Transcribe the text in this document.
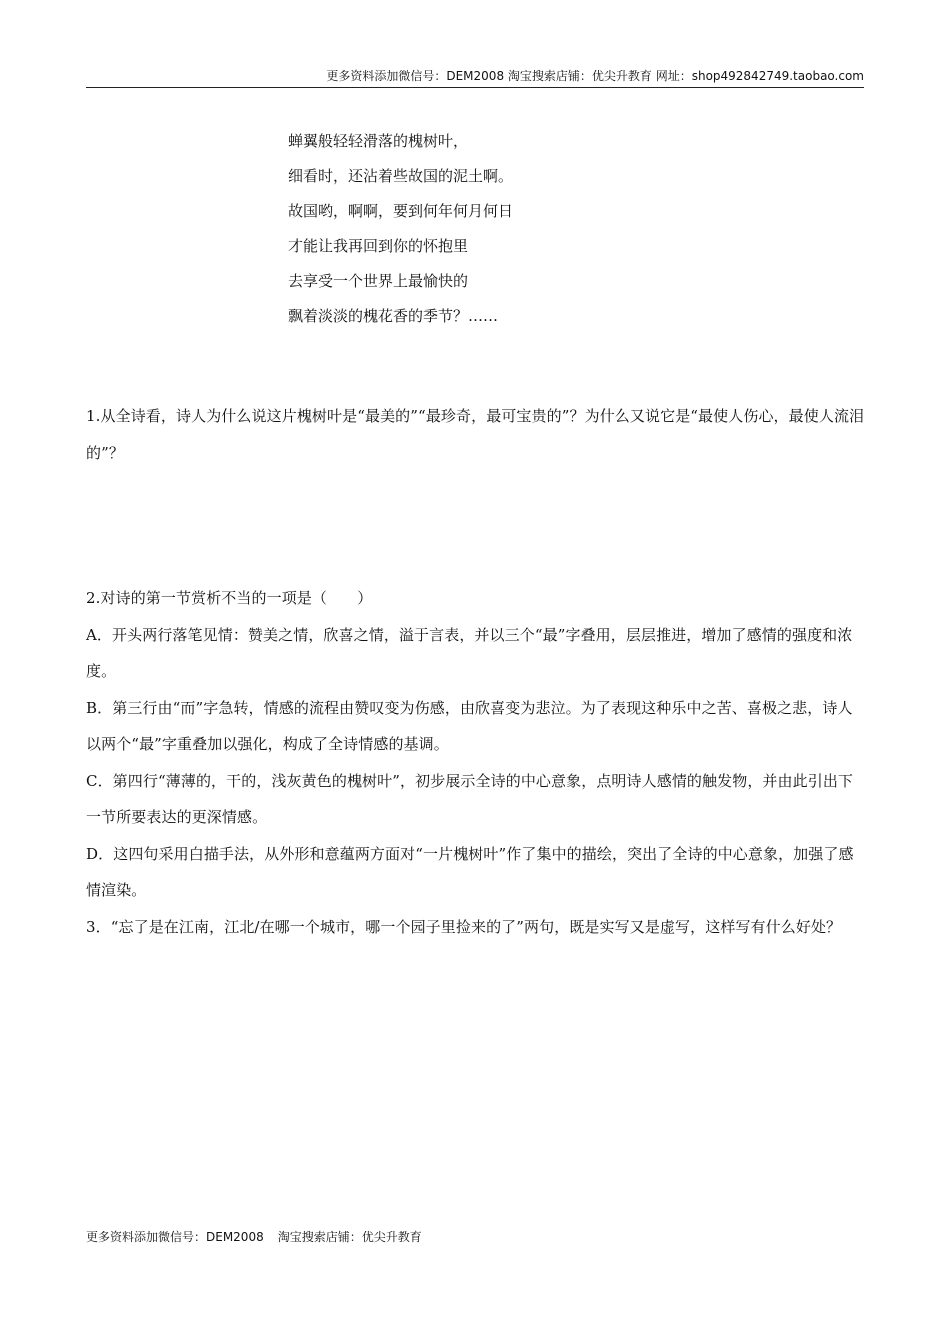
更多资料添加微信号：DEM2008 淘宝搜索店铺：优尖升教育 网址：shop492842749.taobao.com
蝉翼般轻轻滑落的槐树叶，
细看时，还沾着些故国的泥土啊。
故国哟，啊啊，要到何年何月何日
才能让我再回到你的怀抱里
去享受一个世界上最愉快的
飘着淡淡的槐花香的季节？……
1.从全诗看，诗人为什么说这片槐树叶是“最美的”“最珍奇，最可宝贵的”？为什么又说它是“最使人伤心，最使人流泪的”？
2.对诗的第一节赏析不当的一项是（　　）
A．开头两行落笔见情：赞美之情，欣喜之情，溢于言表，并以三个“最”字叠用，层层推进，增加了感情的强度和浓度。
B．第三行由“而”字急转，情感的流程由赞叹变为伤感，由欣喜变为悲泣。为了表现这种乐中之苦、喜极之悲，诗人以两个“最”字重叠加以强化，构成了全诗情感的基调。
C．第四行“薄薄的，干的，浅灰黄色的槐树叶”，初步展示全诗的中心意象，点明诗人感情的触发物，并由此引出下一节所要表达的更深情感。
D．这四句采用白描手法，从外形和意蕴两方面对“一片槐树叶”作了集中的描绘，突出了全诗的中心意象，加强了感情渲染。
3．“忘了是在江南，江北/在哪一个城市，哪一个园子里捡来的了”两句，既是实写又是虚写，这样写有什么好处？
更多资料添加微信号：DEM2008 淘宝搜索店铺：优尖升教育
